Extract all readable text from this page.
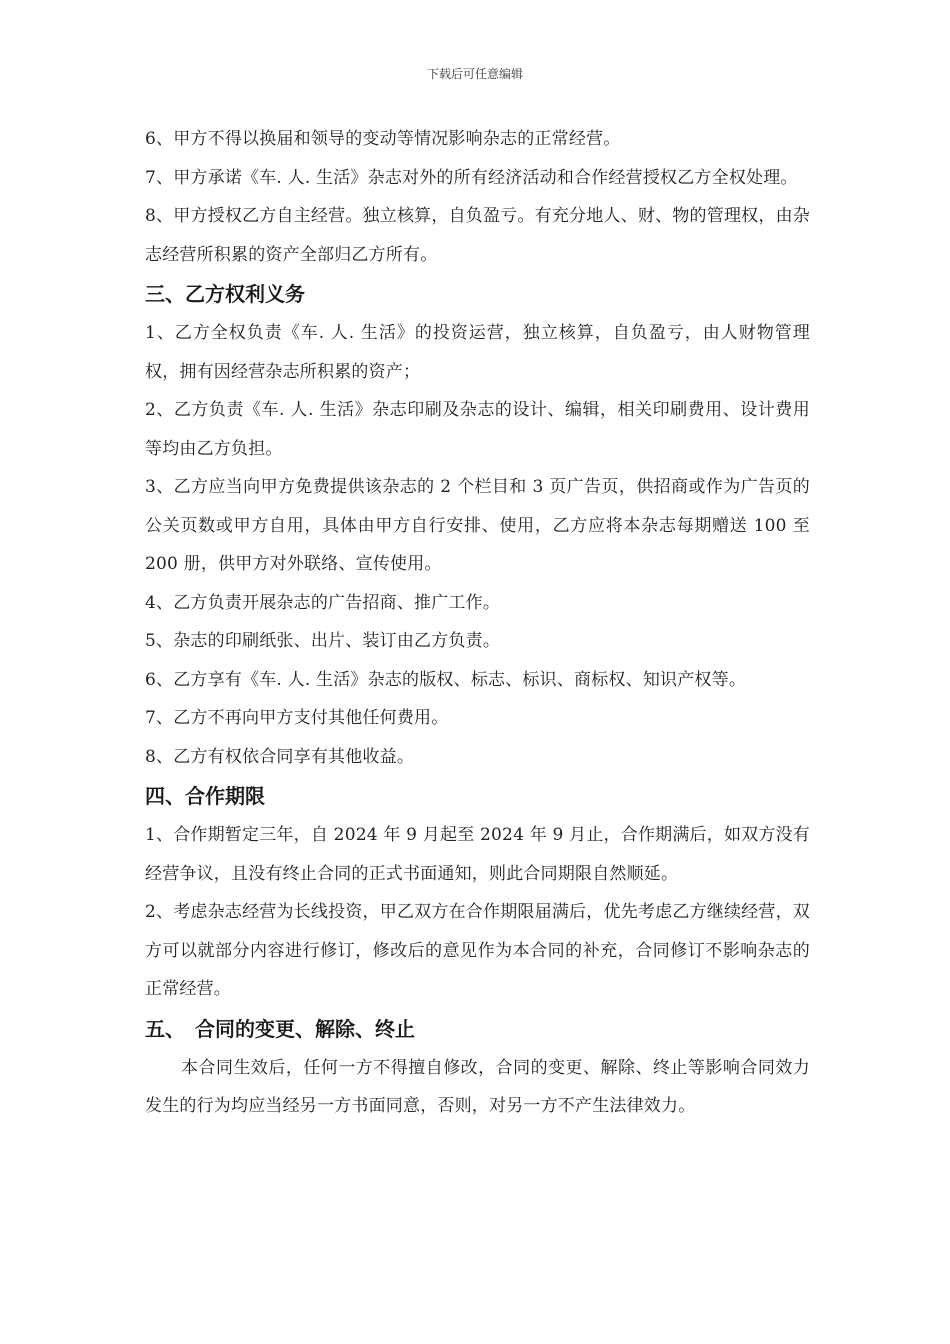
下载后可任意编辑

6、甲方不得以换届和领导的变动等情况影响杂志的正常经营。

7、甲方承诺《车. 人. 生活》杂志对外的所有经济活动和合作经营授权乙方全权处理。

8、甲方授权乙方自主经营。独立核算，自负盈亏。有充分地人、财、物的管理权，由杂志经营所积累的资产全部归乙方所有。

三、乙方权利义务

1、乙方全权负责《车. 人. 生活》的投资运营，独立核算，自负盈亏，由人财物管理权，拥有因经营杂志所积累的资产；

2、乙方负责《车. 人. 生活》杂志印刷及杂志的设计、编辑，相关印刷费用、设计费用等均由乙方负担。

3、乙方应当向甲方免费提供该杂志的 2 个栏目和 3 页广告页，供招商或作为广告页的公关页数或甲方自用，具体由甲方自行安排、使用，乙方应将本杂志每期赠送 100 至 200 册，供甲方对外联络、宣传使用。

4、乙方负责开展杂志的广告招商、推广工作。

5、杂志的印刷纸张、出片、装订由乙方负责。

6、乙方享有《车. 人. 生活》杂志的版权、标志、标识、商标权、知识产权等。

7、乙方不再向甲方支付其他任何费用。

8、乙方有权依合同享有其他收益。

四、合作期限

1、合作期暂定三年，自 2024 年 9 月起至 2024 年 9 月止，合作期满后，如双方没有经营争议，且没有终止合同的正式书面通知，则此合同期限自然顺延。

2、考虑杂志经营为长线投资，甲乙双方在合作期限届满后，优先考虑乙方继续经营，双方可以就部分内容进行修订，修改后的意见作为本合同的补充，合同修订不影响杂志的正常经营。

五、　合同的变更、解除、终止

本合同生效后，任何一方不得擅自修改，合同的变更、解除、终止等影响合同效力发生的行为均应当经另一方书面同意，否则，对另一方不产生法律效力。
